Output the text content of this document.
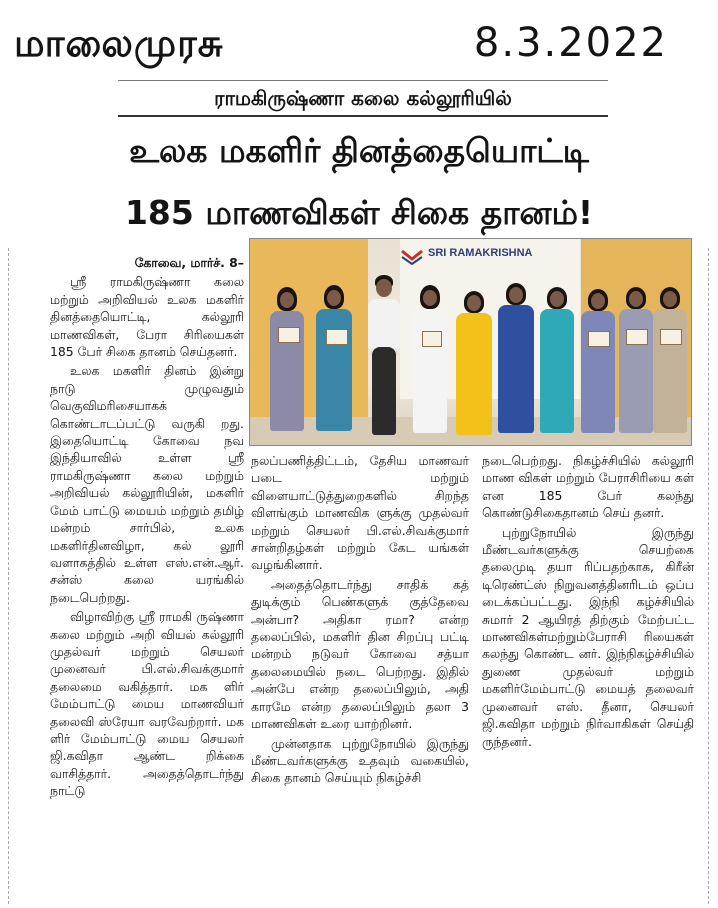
மாலைமுரசு	8.3.2022
ராமகிருஷ்ணா கலை கல்லூரியில்
உலக மகளிர் தினத்தையொட்டி
185 மாணவிகள் சிகை தானம்!
SRI RAMAKRISHNA

கோவை, மார்ச். 8–

ஸ்ரீ ராமகிருஷ்ணா கலை மற்றும் அறிவியல் உலக மகளிர் தினத்தையொட்டி, கல்லூரி மாணவிகள், பேரா சிரியைகள் 185 பேர் சிகை தானம் செய்தனர்.

உலக மகளிர் தினம் இன்று நாடு முழுவதும் வெகுவிமரிசையாகக் கொண்டாடப்பட்டு வருகி றது. இதையொட்டி கோவை நவ இந்தியாவில் உள்ள ஸ்ரீ ராமகிருஷ்ணா கலை மற்றும் அறிவியல் கல்லூரியின், மகளிர் மேம் பாட்டு மையம் மற்றும் தமிழ் மன்றம் சார்பில், உலக மகளிர்தினவிழா, கல் லூரி வளாகத்தில் உள்ள எஸ்.என்.ஆர். சன்ஸ் கலை யரங்கில் நடைபெற்றது.

விழாவிற்கு ஸ்ரீ ராமகி ருஷ்ணா கலை மற்றும் அறி வியல் கல்லூரி முதல்வர் மற்றும் செயலர் முனைவர் பி.எல்.சிவக்குமார் தலைமை வகித்தார். மக ளிர் மேம்பாட்டு மைய மாணவியர் தலைவி ஸ்ரேயா வரவேற்றார். மக ளிர் மேம்பாட்டு மைய செயலர் ஜி.கவிதா ஆண்ட றிக்கை வாசித்தார். அதைத்தொடர்ந்து நாட்டு

நலப்பணித்திட்டம், தேசிய மாணவர் படை மற்றும் விளையாட்டுத்துறைகளில் சிறந்த விளங்கும் மாணவிக ளுக்கு முதல்வர் மற்றும் செயலர் பி.எல்.சிவக்குமார் சான்றிதழ்கள் மற்றும் கேட யங்கள் வழங்கினார்.

அதைத்தொடர்ந்து சாதிக் கத் துடிக்கும் பெண்களுக் குத்தேவை அன்பா? அதிகா ரமா? என்ற தலைப்பில், மகளிர் தின சிறப்பு பட்டி மன்றம் நடுவர் கோவை சத்யா தலைமையில் நடை பெற்றது. இதில் அன்பே என்ற தலைப்பிலும், அதி காரமே என்ற தலைப்பிலும் தலா 3 மாணவிகள் உரை யாற்றினர்.

முன்னதாக புற்றுநோயில் இருந்து மீண்டவர்களுக்கு உதவும் வகையில், சிகை தானம் செய்யும் நிகழ்ச்சி

நடைபெற்றது. நிகழ்ச்சியில் கல்லூரி மாண விகள் மற்றும் பேராசிரியை கள் என 185 பேர் கலந்து கொண்டுசிகைதானம் செய் தனர்.

புற்றுநோயில் இருந்து மீண்டவர்களுக்கு செயற்கை தலைமுடி தயா ரிப்பதற்காக, கிரீன் டிரெண்ட்ஸ் நிறுவனத்தினரிடம் ஒப்ப டைக்கப்பட்டது. இந்நி கழ்ச்சியில் சுமார் 2 ஆயிரத் திற்கும் மேற்பட்ட மாணவிகள்மற்றும்பேராசி ரியைகள் கலந்து கொண்ட னர். இந்நிகழ்ச்சியில் துணை முதல்வர் மற்றும் மகளிர்மேம்பாட்டு மையத் தலைவர் முனைவர் எஸ். தீனா, செயலர் ஜி.கவிதா மற்றும் நிர்வாகிகள் செய்தி ருந்தனர்.
